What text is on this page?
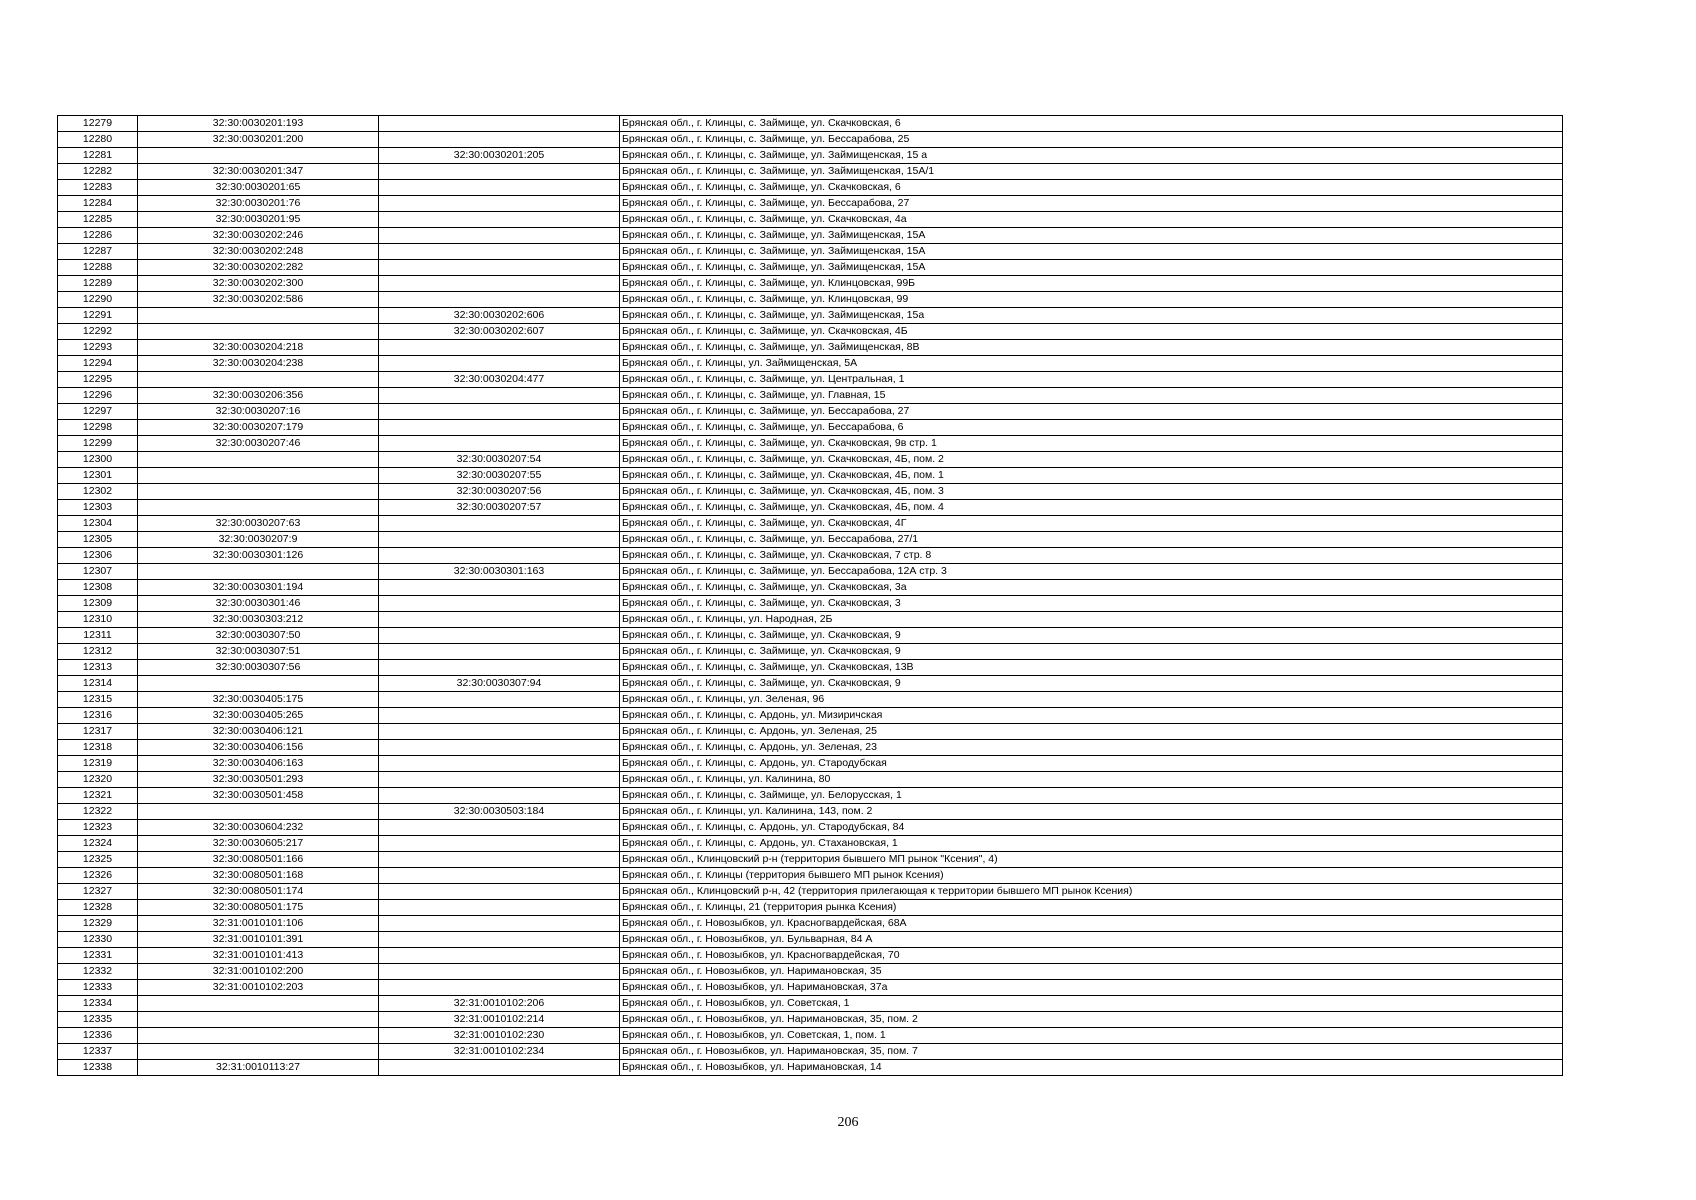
12279	32:30:0030201:193		Брянская обл., г. Клинцы, с. Займище, ул. Скачковская, 6
12280	32:30:0030201:200		Брянская обл., г. Клинцы, с. Займище, ул. Бессарабова, 25
12281		32:30:0030201:205	Брянская обл., г. Клинцы, с. Займище, ул. Займищенская, 15 а
12282	32:30:0030201:347		Брянская обл., г. Клинцы, с. Займище, ул. Займищенская, 15А/1
12283	32:30:0030201:65		Брянская обл., г. Клинцы, с. Займище, ул. Скачковская, 6
12284	32:30:0030201:76		Брянская обл., г. Клинцы, с. Займище, ул. Бессарабова, 27
12285	32:30:0030201:95		Брянская обл., г. Клинцы, с. Займище, ул. Скачковская, 4а
12286	32:30:0030202:246		Брянская обл., г. Клинцы, с. Займище, ул. Займищенская, 15А
12287	32:30:0030202:248		Брянская обл., г. Клинцы, с. Займище, ул. Займищенская, 15А
12288	32:30:0030202:282		Брянская обл., г. Клинцы, с. Займище, ул. Займищенская, 15А
12289	32:30:0030202:300		Брянская обл., г. Клинцы, с. Займище, ул. Клинцовская, 99Б
12290	32:30:0030202:586		Брянская обл., г. Клинцы, с. Займище, ул. Клинцовская, 99
12291		32:30:0030202:606	Брянская обл., г. Клинцы, с. Займище, ул. Займищенская, 15а
12292		32:30:0030202:607	Брянская обл., г. Клинцы, с. Займище, ул. Скачковская, 4Б
12293	32:30:0030204:218		Брянская обл., г. Клинцы, с. Займище, ул. Займищенская, 8В
12294	32:30:0030204:238		Брянская обл., г. Клинцы, ул. Займищенская, 5А
12295		32:30:0030204:477	Брянская обл., г. Клинцы, с. Займище, ул. Центральная, 1
12296	32:30:0030206:356		Брянская обл., г. Клинцы, с. Займище, ул. Главная, 15
12297	32:30:0030207:16		Брянская обл., г. Клинцы, с. Займище, ул. Бессарабова, 27
12298	32:30:0030207:179		Брянская обл., г. Клинцы, с. Займище, ул. Бессарабова, 6
12299	32:30:0030207:46		Брянская обл., г. Клинцы, с. Займище, ул. Скачковская, 9в стр. 1
12300		32:30:0030207:54	Брянская обл., г. Клинцы, с. Займище, ул. Скачковская, 4Б, пом. 2
12301		32:30:0030207:55	Брянская обл., г. Клинцы, с. Займище, ул. Скачковская, 4Б, пом. 1
12302		32:30:0030207:56	Брянская обл., г. Клинцы, с. Займище, ул. Скачковская, 4Б, пом. 3
12303		32:30:0030207:57	Брянская обл., г. Клинцы, с. Займище, ул. Скачковская, 4Б, пом. 4
12304	32:30:0030207:63		Брянская обл., г. Клинцы, с. Займище, ул. Скачковская, 4Г
12305	32:30:0030207:9		Брянская обл., г. Клинцы, с. Займище, ул. Бессарабова, 27/1
12306	32:30:0030301:126		Брянская обл., г. Клинцы, с. Займище, ул. Скачковская, 7 стр. 8
12307		32:30:0030301:163	Брянская обл., г. Клинцы, с. Займище, ул. Бессарабова, 12А стр. 3
12308	32:30:0030301:194		Брянская обл., г. Клинцы, с. Займище, ул. Скачковская, 3а
12309	32:30:0030301:46		Брянская обл., г. Клинцы, с. Займище, ул. Скачковская, 3
12310	32:30:0030303:212		Брянская обл., г. Клинцы, ул. Народная, 2Б
12311	32:30:0030307:50		Брянская обл., г. Клинцы, с. Займище, ул. Скачковская, 9
12312	32:30:0030307:51		Брянская обл., г. Клинцы, с. Займище, ул. Скачковская, 9
12313	32:30:0030307:56		Брянская обл., г. Клинцы, с. Займище, ул. Скачковская, 13В
12314		32:30:0030307:94	Брянская обл., г. Клинцы, с. Займище, ул. Скачковская, 9
12315	32:30:0030405:175		Брянская обл., г. Клинцы, ул. Зеленая, 96
12316	32:30:0030405:265		Брянская обл., г. Клинцы, с. Ардонь, ул. Мизиричская
12317	32:30:0030406:121		Брянская обл., г. Клинцы, с. Ардонь, ул. Зеленая, 25
12318	32:30:0030406:156		Брянская обл., г. Клинцы, с. Ардонь, ул. Зеленая, 23
12319	32:30:0030406:163		Брянская обл., г. Клинцы, с. Ардонь, ул. Стародубская
12320	32:30:0030501:293		Брянская обл., г. Клинцы, ул. Калинина, 80
12321	32:30:0030501:458		Брянская обл., г. Клинцы, с. Займище, ул. Белорусская, 1
12322		32:30:0030503:184	Брянская обл., г. Клинцы, ул. Калинина, 143, пом. 2
12323	32:30:0030604:232		Брянская обл., г. Клинцы, с. Ардонь, ул. Стародубская, 84
12324	32:30:0030605:217		Брянская обл., г. Клинцы, с. Ардонь, ул. Стахановская, 1
12325	32:30:0080501:166		Брянская обл., Клинцовский р-н (территория бывшего МП рынок "Ксения", 4)
12326	32:30:0080501:168		Брянская обл., г. Клинцы (территория бывшего МП рынок Ксения)
12327	32:30:0080501:174		Брянская обл., Клинцовский р-н, 42 (территория прилегающая к территории бывшего МП рынок Ксения)
12328	32:30:0080501:175		Брянская обл., г. Клинцы, 21 (территория рынка Ксения)
12329	32:31:0010101:106		Брянская обл., г. Новозыбков, ул. Красногвардейская, 68А
12330	32:31:0010101:391		Брянская обл., г. Новозыбков, ул. Бульварная, 84 А
12331	32:31:0010101:413		Брянская обл., г. Новозыбков, ул. Красногвардейская, 70
12332	32:31:0010102:200		Брянская обл., г. Новозыбков, ул. Наримановская, 35
12333	32:31:0010102:203		Брянская обл., г. Новозыбков, ул. Наримановская, 37а
12334		32:31:0010102:206	Брянская обл., г. Новозыбков, ул. Советская, 1
12335		32:31:0010102:214	Брянская обл., г. Новозыбков, ул. Наримановская, 35, пом. 2
12336		32:31:0010102:230	Брянская обл., г. Новозыбков, ул. Советская, 1, пом. 1
12337		32:31:0010102:234	Брянская обл., г. Новозыбков, ул. Наримановская, 35, пом. 7
12338	32:31:0010113:27		Брянская обл., г. Новозыбков, ул. Наримановская, 14
206
